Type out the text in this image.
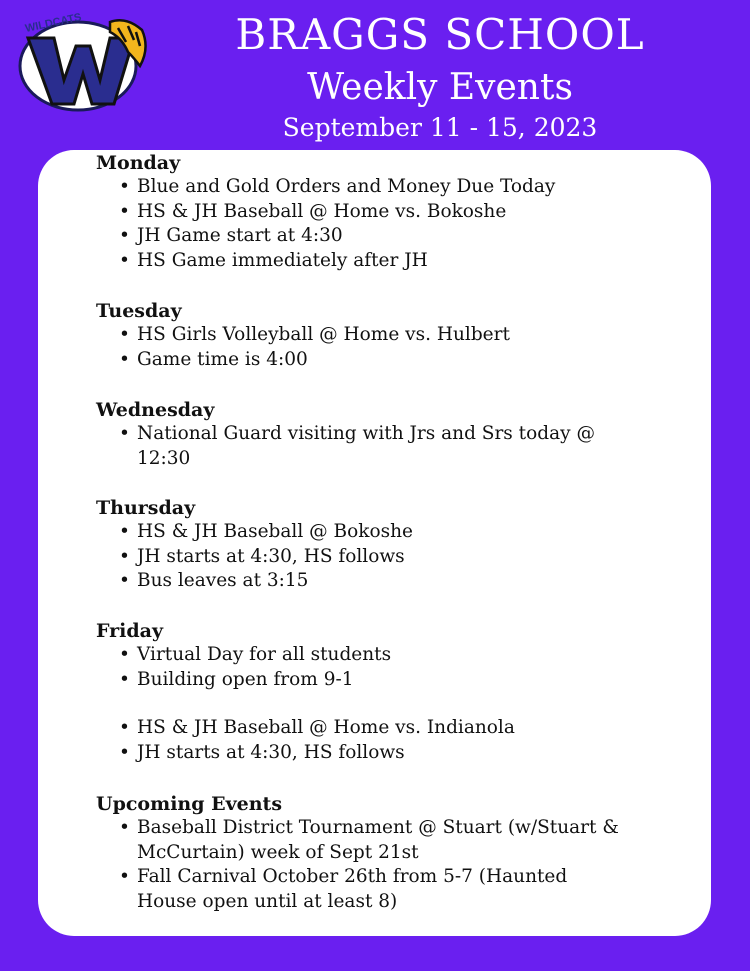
WILDCATS	BRAGGS SCHOOL
Weekly Events
September 11 - 15, 2023
Monday
• Blue and Gold Orders and Money Due Today
• HS & JH Baseball @ Home vs. Bokoshe
• JH Game start at 4:30
• HS Game immediately after JH
Tuesday
• HS Girls Volleyball @ Home vs. Hulbert
• Game time is 4:00
Wednesday
• National Guard visiting with Jrs and Srs today @ 12:30
Thursday
• HS & JH Baseball @ Bokoshe
• JH starts at 4:30, HS follows
• Bus leaves at 3:15
Friday
• Virtual Day for all students
• Building open from 9-1
• HS & JH Baseball @ Home vs. Indianola
• JH starts at 4:30, HS follows
Upcoming Events
• Baseball District Tournament @ Stuart (w/Stuart & McCurtain) week of Sept 21st
• Fall Carnival October 26th from 5-7 (Haunted House open until at least 8)
